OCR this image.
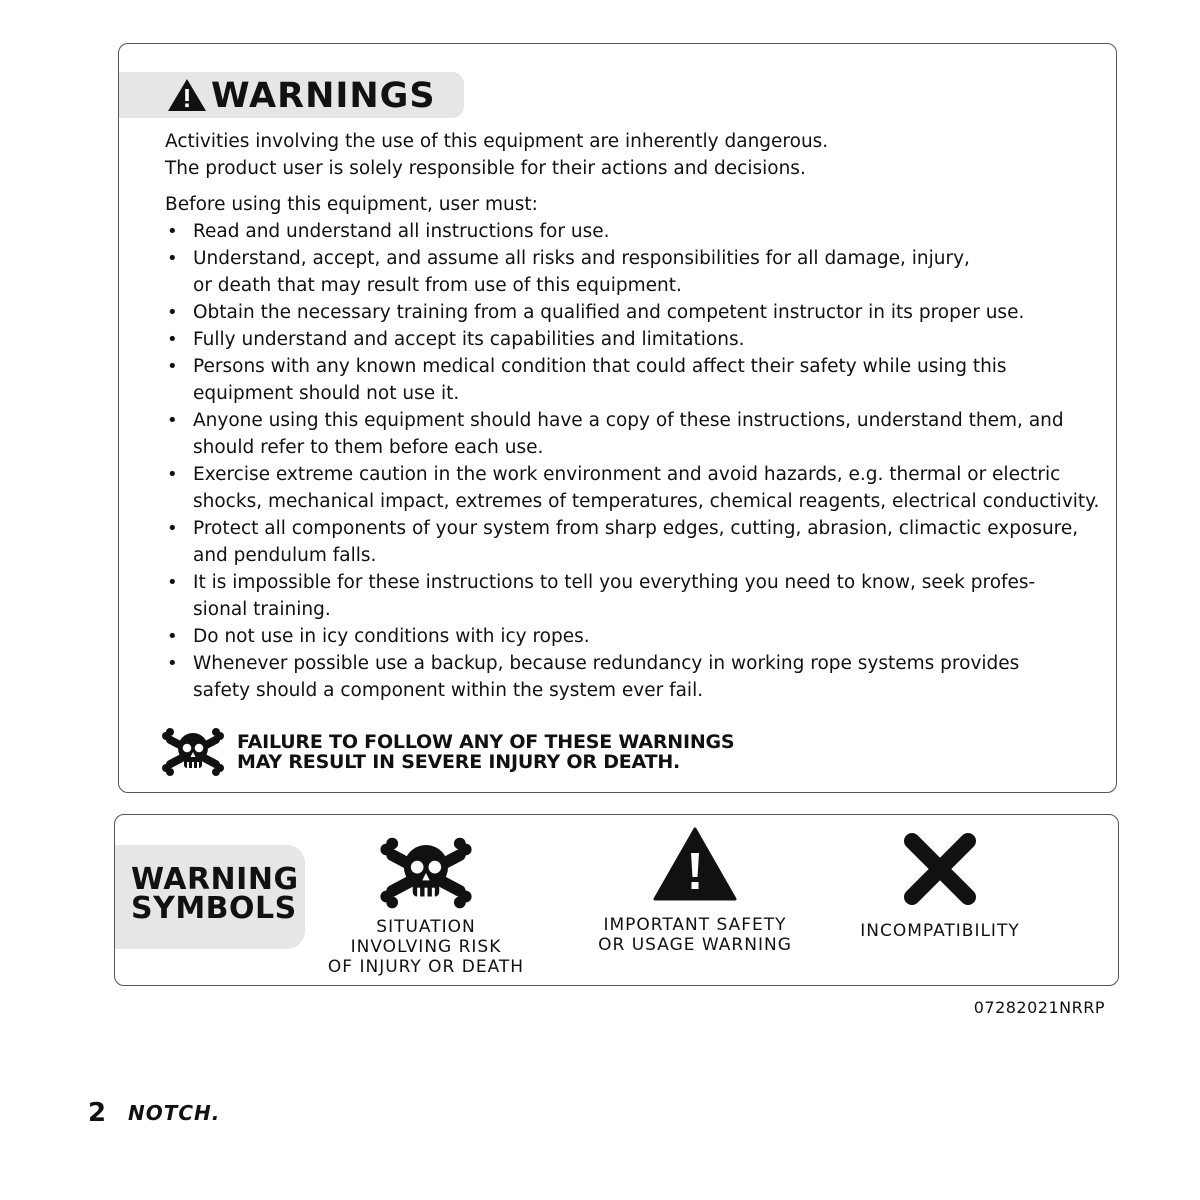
WARNINGS

Activities involving the use of this equipment are inherently dangerous.

The product user is solely responsible for their actions and decisions.

Before using this equipment, user must:
• Read and understand all instructions for use.
• Understand, accept, and assume all risks and responsibilities for all damage, injury,
or death that may result from use of this equipment.
• Obtain the necessary training from a qualified and competent instructor in its proper use.
• Fully understand and accept its capabilities and limitations.
• Persons with any known medical condition that could affect their safety while using this
equipment should not use it.
• Anyone using this equipment should have a copy of these instructions, understand them, and
should refer to them before each use.
• Exercise extreme caution in the work environment and avoid hazards, e.g. thermal or electric
shocks, mechanical impact, extremes of temperatures, chemical reagents, electrical conductivity.
• Protect all components of your system from sharp edges, cutting, abrasion, climactic exposure,
and pendulum falls.
• It is impossible for these instructions to tell you everything you need to know, seek profes-
sional training.
• Do not use in icy conditions with icy ropes.
• Whenever possible use a backup, because redundancy in working rope systems provides
safety should a component within the system ever fail.
FAILURE TO FOLLOW ANY OF THESE WARNINGS
MAY RESULT IN SEVERE INJURY OR DEATH.
WARNING
SYMBOLS
SITUATION
INVOLVING RISK
OF INJURY OR DEATH
IMPORTANT SAFETY
OR USAGE WARNING
INCOMPATIBILITY
07282021NRRP
2 NOTCH.
